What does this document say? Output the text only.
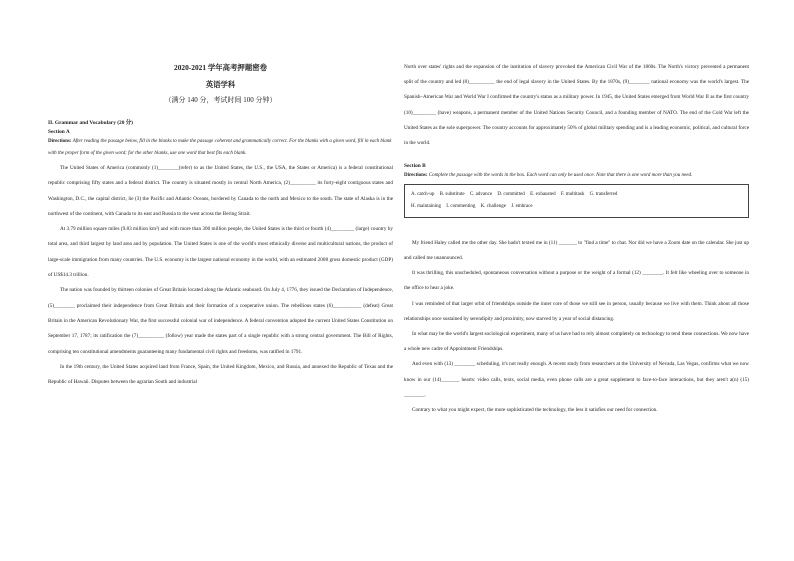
2020-2021 学年高考押题密卷
英语学科
（满分 140 分，考试时间 100 分钟）
II. Grammar and Vocabulary (20 分)
Section A
Directions: After reading the passage below, fill in the blanks to make the passage coherent and grammatically correct. For the blanks with a given word, fill in each blank with the proper form of the given word; for the other blanks, use one word that best fits each blank.

The United States of America (commonly (1)________(refer) to as the United States, the U.S., the USA, the States or America) is a federal constitutional republic comprising fifty states and a federal district. The country is situated mostly in central North America, (2)__________ its forty-eight contiguous states and Washington, D.C., the capital district, lie (3) the Pacific and Atlantic Oceans, bordered by Canada to the north and Mexico to the south. The state of Alaska is in the northwest of the continent, with Canada to its east and Russia to the west across the Bering Strait.

At 3.79 million square miles (9.83 million km²) and with more than 300 million people, the United States is the third or fourth (4)_________ (large) country by total area, and third largest by land area and by population. The United States is one of the world's most ethnically diverse and multicultural nations, the product of large-scale immigration from many countries. The U.S. economy is the largest national economy in the world, with an estimated 2008 gross domestic product (GDP) of US$14.3 trillion.

The nation was founded by thirteen colonies of Great Britain located along the Atlantic seaboard. On July 4, 1776, they issued the Declaration of Independence, (5)________ proclaimed their independence from Great Britain and their formation of a cooperative union. The rebellious states (6)___________ (defeat) Great Britain in the American Revolutionary War, the first successful colonial war of independence. A federal convention adopted the current United States Constitution on September 17, 1787; its ratification the (7)__________ (follow) year made the states part of a single republic with a strong central government. The Bill of Rights, comprising ten constitutional amendments guaranteeing many fundamental civil rights and freedoms, was ratified in 1791.

In the 19th century, the United States acquired land from France, Spain, the United Kingdom, Mexico, and Russia, and annexed the Republic of Texas and the Republic of Hawaii. Disputes between the agrarian South and industrial

North over states' rights and the expansion of the institution of slavery provoked the American Civil War of the 1860s. The North's victory prevented a permanent split of the country and led (8)__________ the end of legal slavery in the United States. By the 1870s, (9)________ national economy was the world's largest. The Spanish–American War and World War I confirmed the country's status as a military power. In 1945, the United States emerged from World War II as the first country (10)_________ (have) weapons, a permanent member of the United Nations Security Council, and a founding member of NATO. The end of the Cold War left the United States as the sole superpower. The country accounts for approximately 50% of global military spending and is a leading economic, political, and cultural force in the world.
Section B
Directions: Complete the passage with the words in the box. Each word can only be used once. Note that there is one word more than you need.
A. catch-up B. substitute C. advance D. committed E. exhausted F. multitask G. transferred
H. maintaining I. commenting K. challenge J. embrace
My friend Haley called me the other day. She hadn't texted me in (11) _______ to "find a time" to chat. Nor did we have a Zoom date on the calendar. She just up and called me unannounced.
It was thrilling, this unscheduled, spontaneous conversation without a purpose or the weight of a formal (12) ________. It felt like wheeling over to someone in the office to hear a joke.
I was reminded of that larger orbit of friendships outside the inner core of those we still see in person, usually because we live with them. Think about all those relationships once sustained by serendipity and proximity, now starved by a year of social distancing.
In what may be the world's largest sociological experiment, many of us have had to rely almost completely on technology to tend these connections. We now have a whole new cadre of Appointment Friendships.
And even with (13) ________ scheduling, it's not really enough. A recent study from researchers at the University of Nevada, Las Vegas, confirms what we now know in our (14)_______ hearts: video calls, texts, social media, even phone calls are a great supplement to face-to-face interactions, but they aren't a(n) (15) ________.
Contrary to what you might expect, the more sophisticated the technology, the less it satisfies our need for connection.
